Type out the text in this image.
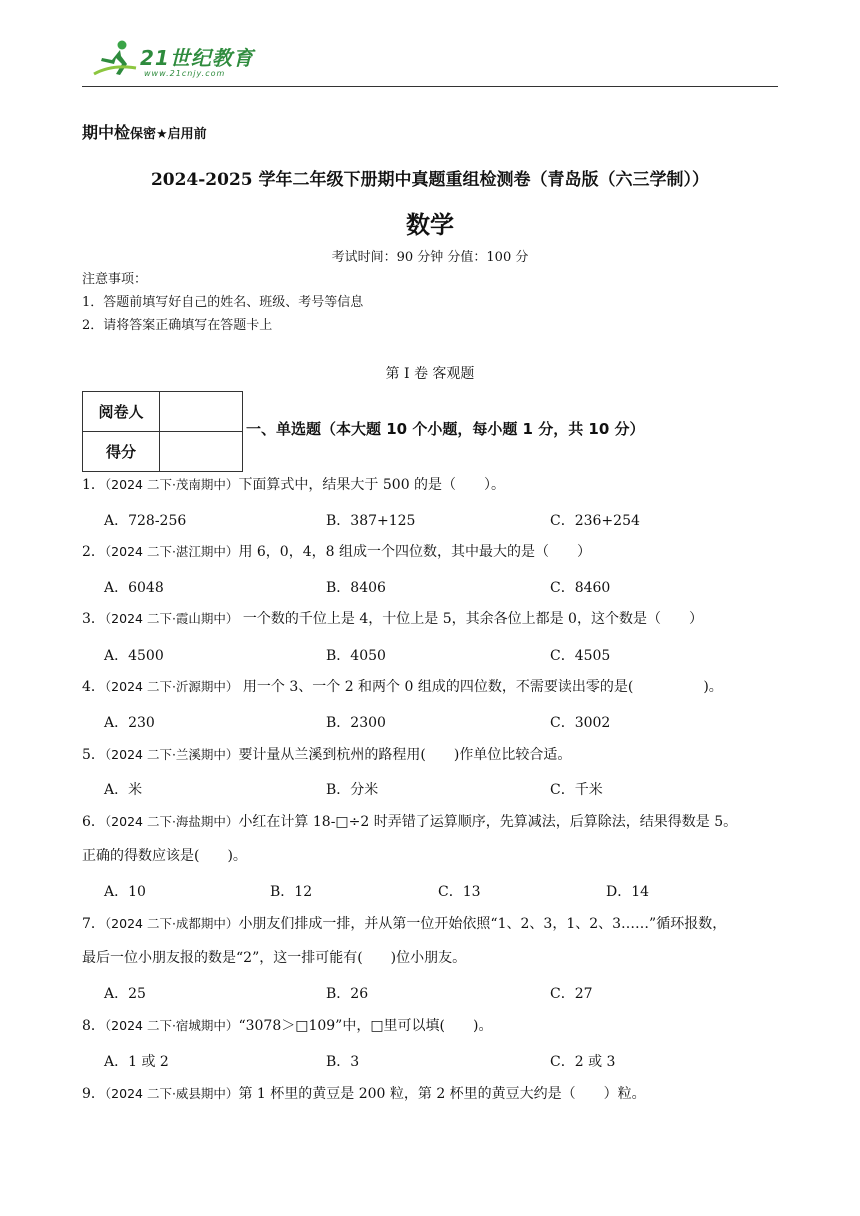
21世纪教育
www.21cnjy.com
期中检保密★启用前
2024-2025 学年二年级下册期中真题重组检测卷（青岛版（六三学制））
数学
考试时间：90 分钟 分值：100 分
注意事项：
1．答题前填写好自己的姓名、班级、考号等信息
2．请将答案正确填写在答题卡上
第 I 卷 客观题
阅卷人	
得分	
一、单选题（本大题 10 个小题，每小题 1 分，共 10 分）
1．（2024 二下·茂南期中）下面算式中，结果大于 500 的是（　　）。
A．728-256	B．387+125	C．236+254
2．（2024 二下·湛江期中）用 6，0，4，8 组成一个四位数，其中最大的是（　　）
A．6048	B．8406	C．8460
3．（2024 二下·霞山期中） 一个数的千位上是 4，十位上是 5，其余各位上都是 0，这个数是（　　）
A．4500	B．4050	C．4505
4．（2024 二下·沂源期中） 用一个 3、一个 2 和两个 0 组成的四位数，不需要读出零的是(　　　　　)。
A．230	B．2300	C．3002
5．（2024 二下·兰溪期中）要计量从兰溪到杭州的路程用(　　)作单位比较合适。
A．米	B．分米	C．千米
6．（2024 二下·海盐期中）小红在计算 18-□÷2 时弄错了运算顺序，先算减法，后算除法，结果得数是 5。
正确的得数应该是(　　)。
A．10	B．12	C．13	D．14
7．（2024 二下·成都期中）小朋友们排成一排，并从第一位开始依照“1、2、3，1、2、3……”循环报数，
最后一位小朋友报的数是“2”，这一排可能有(　　)位小朋友。
A．25	B．26	C．27
8．（2024 二下·宿城期中）“3078＞□109”中，□里可以填(　　)。
A．1 或 2	B．3	C．2 或 3
9．（2024 二下·威县期中）第 1 杯里的黄豆是 200 粒，第 2 杯里的黄豆大约是（　　）粒。
